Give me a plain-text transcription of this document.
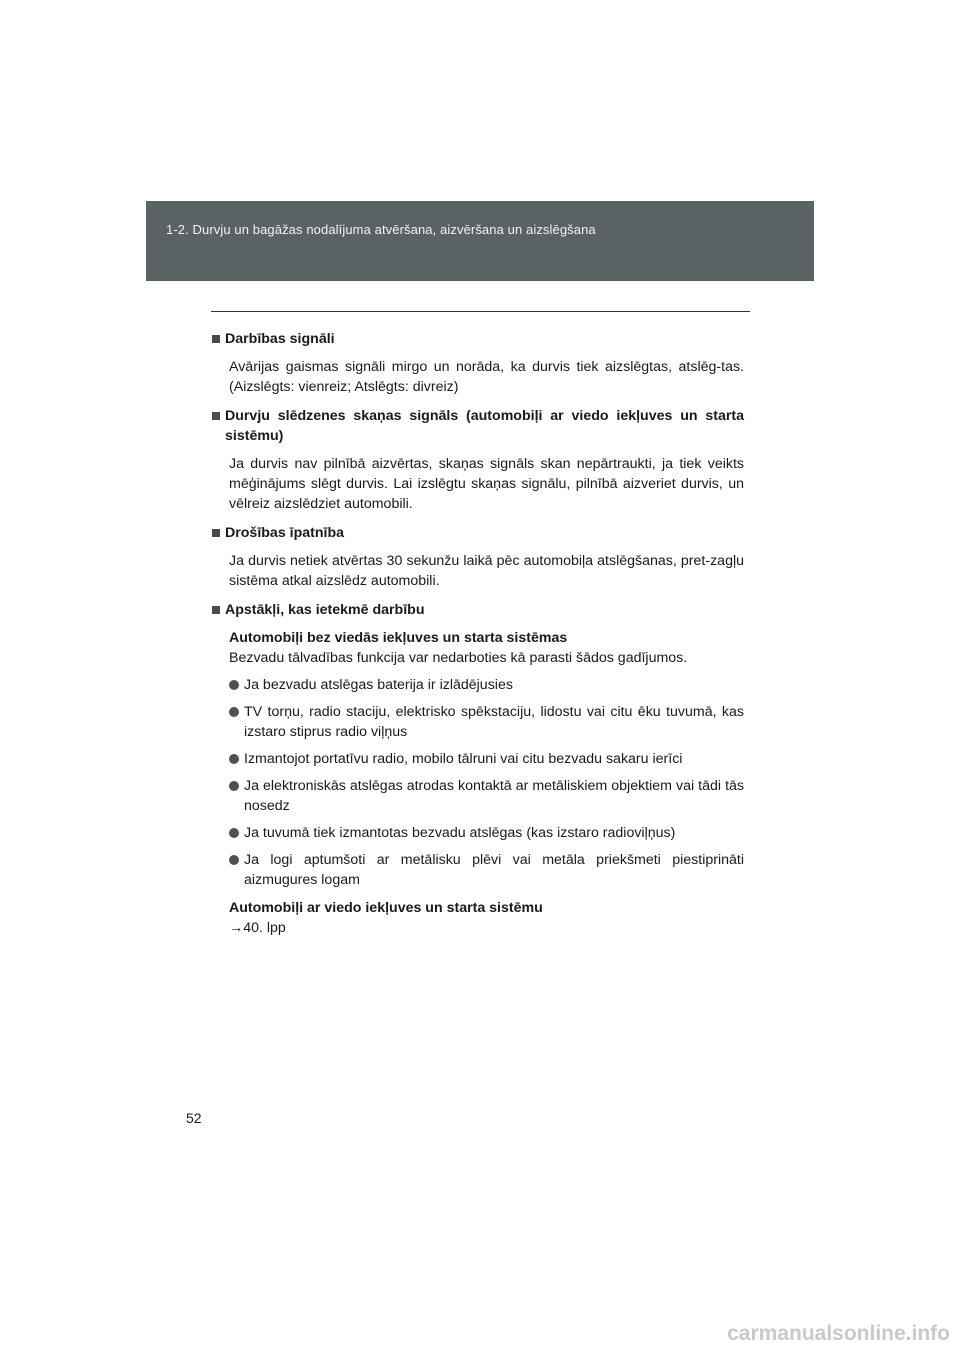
1-2. Durvju un bagāžas nodalījuma atvēršana, aizvēršana un aizslēgšana
Darbības signāli
Avārijas gaismas signāli mirgo un norāda, ka durvis tiek aizslēgtas, atslēg-tas. (Aizslēgts: vienreiz; Atslēgts: divreiz)
Durvju slēdzenes skaņas signāls (automobiļi ar viedo iekļuves un starta sistēmu)
Ja durvis nav pilnībā aizvērtas, skaņas signāls skan nepārtraukti, ja tiek veikts mēģinājums slēgt durvis. Lai izslēgtu skaņas signālu, pilnībā aizveriet durvis, un vēlreiz aizslēdziet automobili.
Drošības īpatnība
Ja durvis netiek atvērtas 30 sekunžu laikā pēc automobiļa atslēgšanas, pret-zagļu sistēma atkal aizslēdz automobili.
Apstākļi, kas ietekmē darbību
Automobiļi bez viedās iekļuves un starta sistēmas
Bezvadu tālvadības funkcija var nedarboties kā parasti šādos gadījumos.
Ja bezvadu atslēgas baterija ir izlādējusies
TV torņu, radio staciju, elektrisko spēkstaciju, lidostu vai citu ēku tuvumā, kas izstaro stiprus radio viļņus
Izmantojot portatīvu radio, mobilo tālruni vai citu bezvadu sakaru ierīci
Ja elektroniskās atslēgas atrodas kontaktā ar metāliskiem objektiem vai tādi tās nosedz
Ja tuvumā tiek izmantotas bezvadu atslēgas (kas izstaro radioviļņus)
Ja logi aptumšoti ar metālisku plēvi vai metāla priekšmeti piestiprināti aizmugures logam
Automobiļi ar viedo iekļuves un starta sistēmu
→40. lpp
52
carmanualsonline.info
